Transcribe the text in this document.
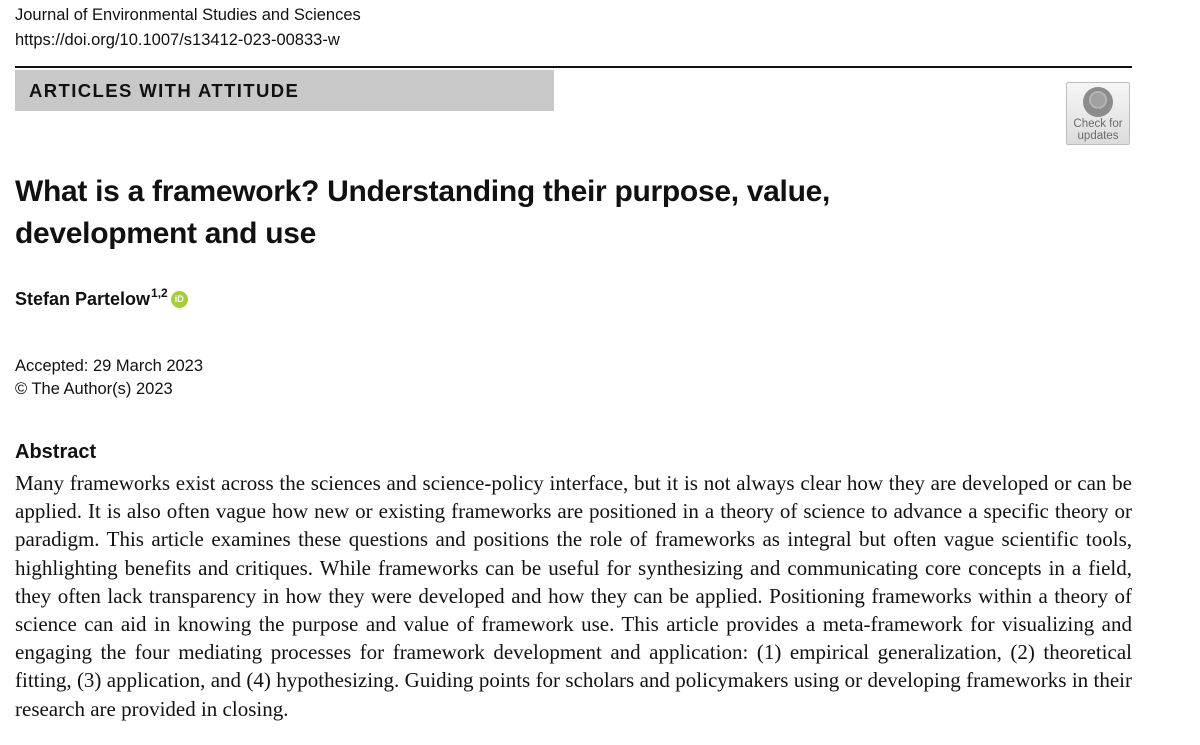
Journal of Environmental Studies and Sciences
https://doi.org/10.1007/s13412-023-00833-w
ARTICLES WITH ATTITUDE
Check for
updates
What is a framework? Understanding their purpose, value, development and use
Stefan Partelow$^{1,2}$ iD
Accepted: 29 March 2023
© The Author(s) 2023
Abstract

Many frameworks exist across the sciences and science-policy interface, but it is not always clear how they are developed or can be applied. It is also often vague how new or existing frameworks are positioned in a theory of science to advance a specific theory or paradigm. This article examines these questions and positions the role of frameworks as integral but often vague scientific tools, highlighting benefits and critiques. While frameworks can be useful for synthesizing and communicating core concepts in a field, they often lack transparency in how they were developed and how they can be applied. Positioning frameworks within a theory of science can aid in knowing the purpose and value of framework use. This article provides a meta-framework for visualizing and engaging the four mediating processes for framework development and application: (1) empirical generalization, (2) theoretical fitting, (3) application, and (4) hypothesizing. Guiding points for scholars and policymakers using or developing frameworks in their research are provided in closing.
